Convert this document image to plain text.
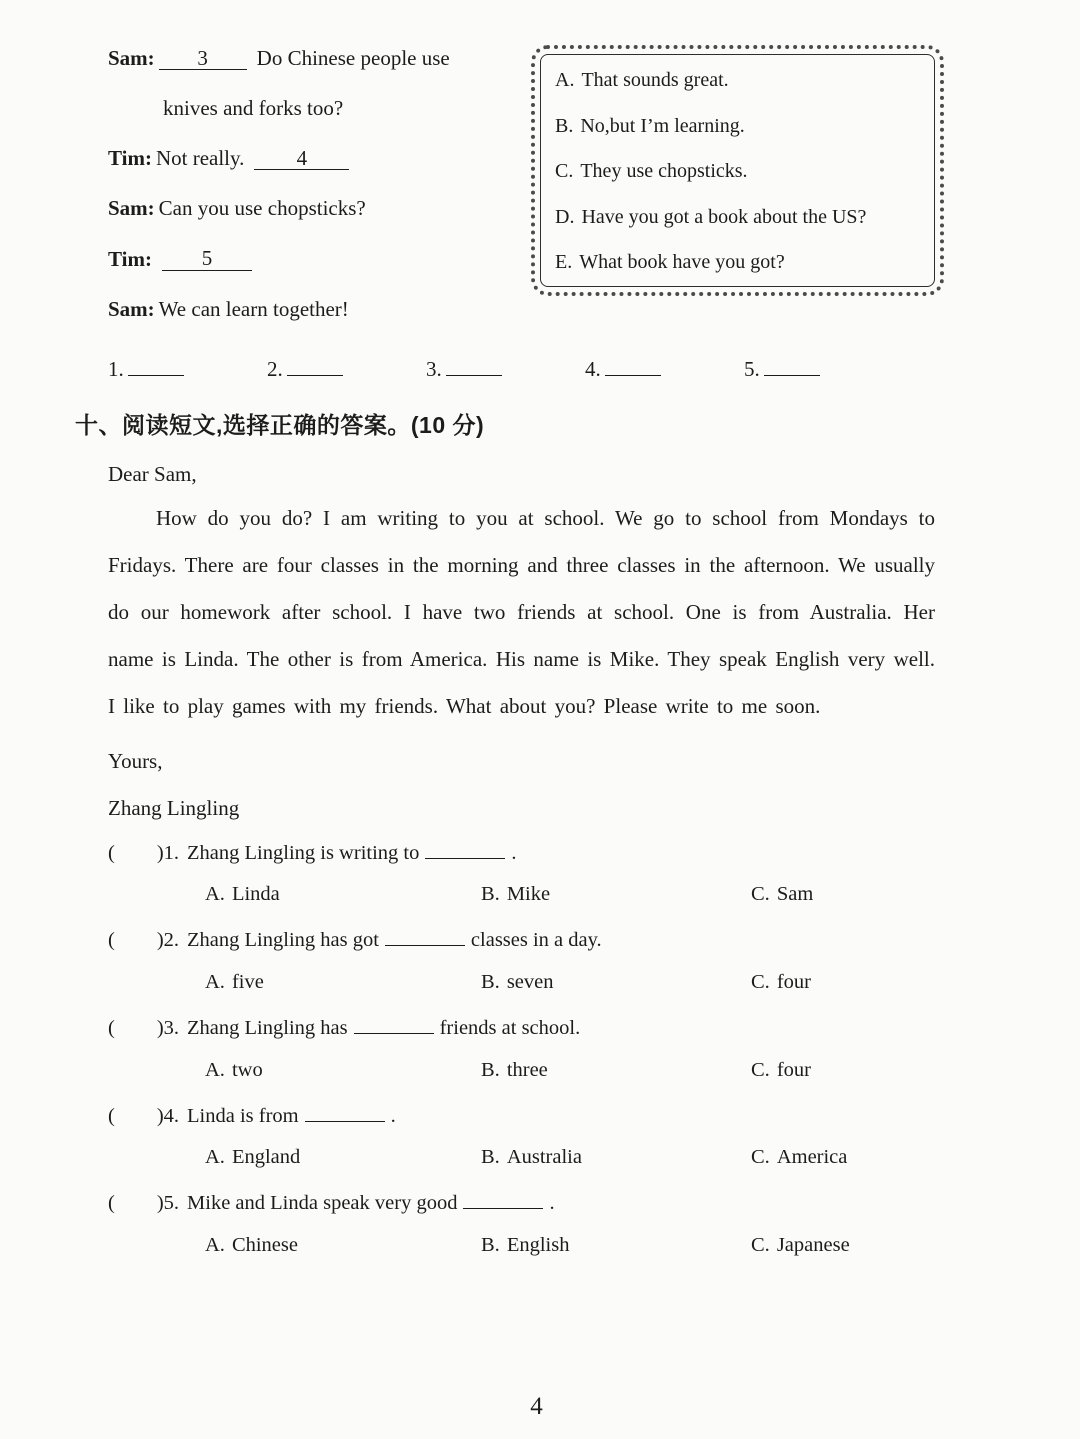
Sam:	3 Do Chinese people use
knives and forks too?
Tim: Not really. 4
Sam: Can you use chopsticks?
Tim:	5
Sam: We can learn together!
A. That sounds great.
B. No,but I’m learning.
C. They use chopsticks.
D. Have you got a book about the US?
E. What book have you got?
1.	2.	3.	4.	5.
十、阅读短文,选择正确的答案。(10 分)
Dear Sam,

How do you do? I am writing to you at school. We go to school from Mondays to Fridays. There are four classes in the morning and three classes in the afternoon. We usually do our homework after school. I have two friends at school. One is from Australia. Her name is Linda. The other is from America. His name is Mike. They speak English very well. I like to play games with my friends. What about you? Please write to me soon.

Yours,
Zhang Lingling
( )1. Zhang Lingling is writing to	.
A. Linda	B. Mike	C. Sam
( )2. Zhang Lingling has got	classes in a day.
A. five	B. seven	C. four
( )3. Zhang Lingling has	friends at school.
A. two	B. three	C. four
( )4. Linda is from	.
A. England	B. Australia	C. America
( )5. Mike and Linda speak very good	.
A. Chinese	B. English	C. Japanese
4
